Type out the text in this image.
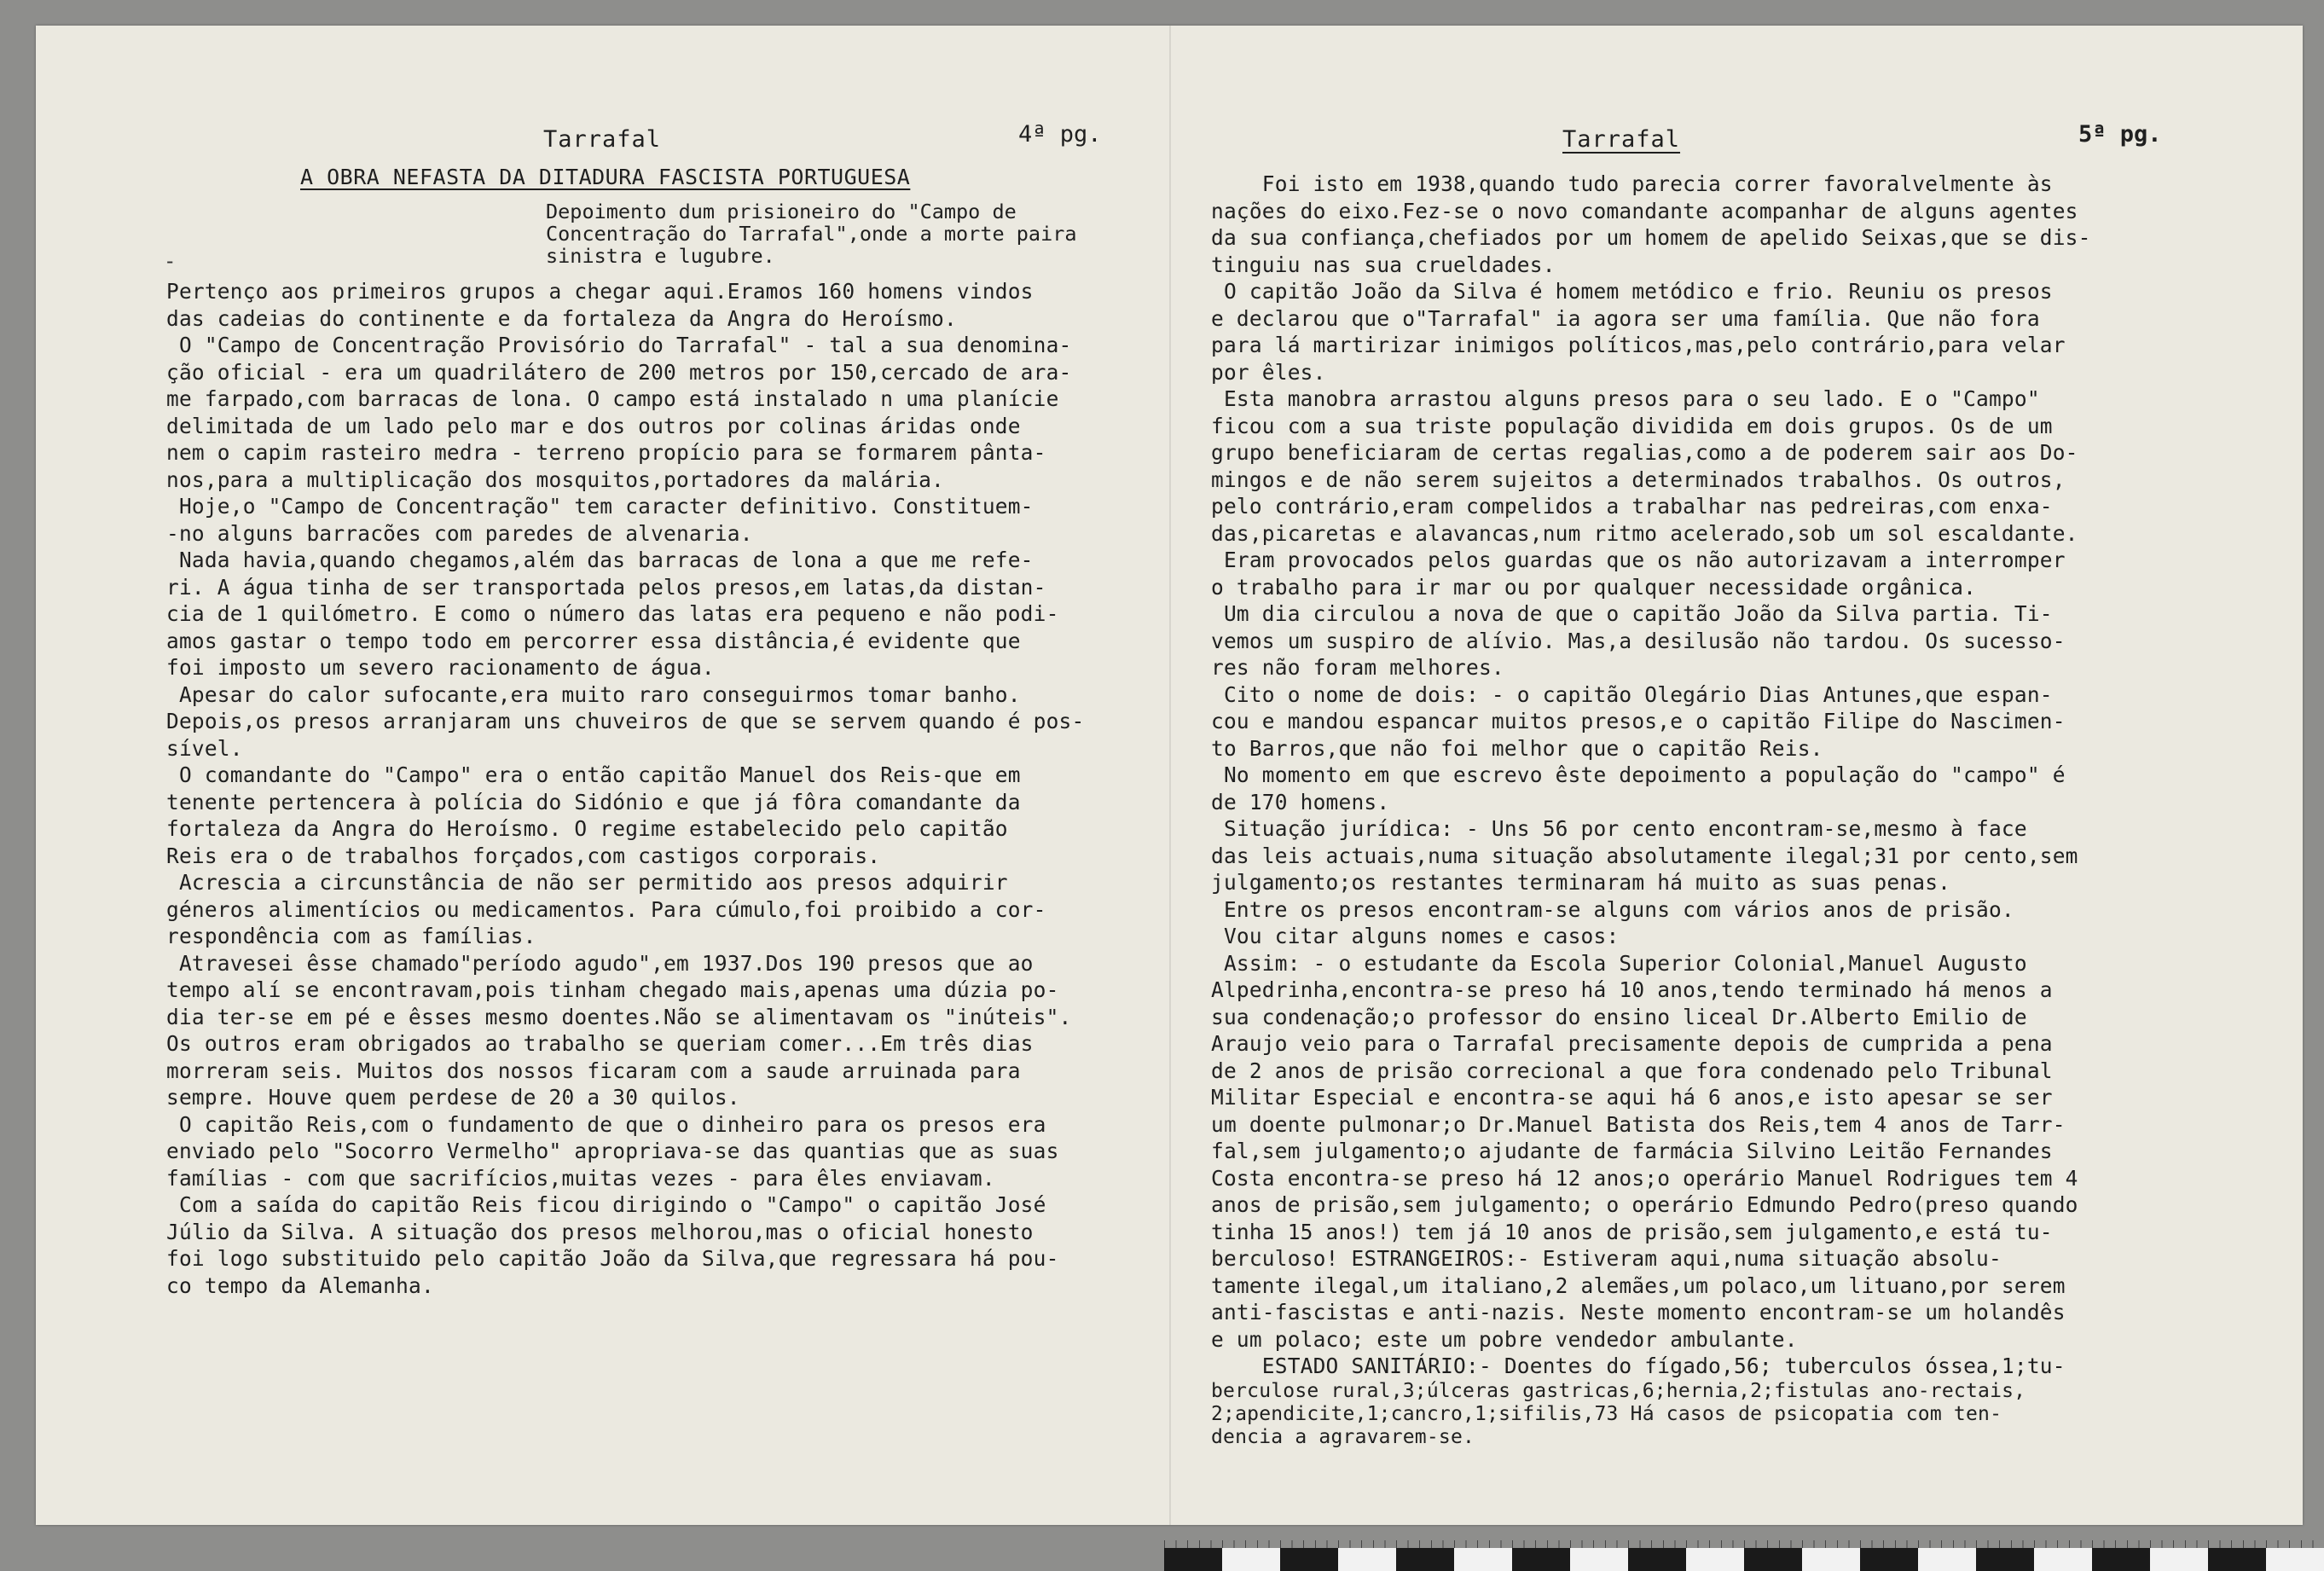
Tarrafal	4ª pg.
A OBRA NEFASTA DA DITADURA FASCISTA PORTUGUESA
Depoimento dum prisioneiro do "Campo de Concentração do Tarrafal",onde a morte paira sinistra e lugubre.
Pertenço aos primeiros grupos a chegar aqui.Eramos 160 homens vindos
das cadeias do continente e da fortaleza da Angra do Heroísmo.
O "Campo de Concentração Provisório do Tarrafal" - tal a sua denomina-
ção oficial - era um quadrilátero de 200 metros por 150,cercado de ara-
me farpado,com barracas de lona. O campo está instalado n uma planície
delimitada de um lado pelo mar e dos outros por colinas áridas onde
nem o capim rasteiro medra - terreno propício para se formarem pânta-
nos,para a multiplicação dos mosquitos,portadores da malária.
Hoje,o "Campo de Concentração" tem caracter definitivo. Constituem-
-no alguns barracões com paredes de alvenaria.
Nada havia,quando chegamos,além das barracas de lona a que me refe-
ri. A água tinha de ser transportada pelos presos,em latas,da distan-
cia de 1 quilómetro. E como o número das latas era pequeno e não podi-
amos gastar o tempo todo em percorrer essa distância,é evidente que
foi imposto um severo racionamento de água.
Apesar do calor sufocante,era muito raro conseguirmos tomar banho.
Depois,os presos arranjaram uns chuveiros de que se servem quando é pos-
sível.
O comandante do "Campo" era o então capitão Manuel dos Reis-que em
tenente pertencera à polícia do Sidónio e que já fôra comandante da
fortaleza da Angra do Heroísmo. O regime estabelecido pelo capitão
Reis era o de trabalhos forçados,com castigos corporais.
Acrescia a circunstância de não ser permitido aos presos adquirir
géneros alimentícios ou medicamentos. Para cúmulo,foi proibido a cor-
respondência com as famílias.
Atravesei êsse chamado"período agudo",em 1937.Dos 190 presos que ao
tempo alí se encontravam,pois tinham chegado mais,apenas uma dúzia po-
dia ter-se em pé e êsses mesmo doentes.Não se alimentavam os "inúteis".
Os outros eram obrigados ao trabalho se queriam comer...Em três dias
morreram seis. Muitos dos nossos ficaram com a saude arruinada para
sempre. Houve quem perdese de 20 a 30 quilos.
O capitão Reis,com o fundamento de que o dinheiro para os presos era
enviado pelo "Socorro Vermelho" apropriava-se das quantias que as suas
famílias - com que sacrifícios,muitas vezes - para êles enviavam.
Com a saída do capitão Reis ficou dirigindo o "Campo" o capitão José
Júlio da Silva. A situação dos presos melhorou,mas o oficial honesto
foi logo substituido pelo capitão João da Silva,que regressara há pou-
co tempo da Alemanha.
-
Tarrafal	5ª pg.
Foi isto em 1938,quando tudo parecia correr favoralvelmente às
nações do eixo.Fez-se o novo comandante acompanhar de alguns agentes
da sua confiança,chefiados por um homem de apelido Seixas,que se dis-
tinguiu nas sua crueldades.
O capitão João da Silva é homem metódico e frio. Reuniu os presos
e declarou que o"Tarrafal" ia agora ser uma família. Que não fora
para lá martirizar inimigos políticos,mas,pelo contrário,para velar
por êles.
Esta manobra arrastou alguns presos para o seu lado. E o "Campo"
ficou com a sua triste população dividida em dois grupos. Os de um
grupo beneficiaram de certas regalias,como a de poderem sair aos Do-
mingos e de não serem sujeitos a determinados trabalhos. Os outros,
pelo contrário,eram compelidos a trabalhar nas pedreiras,com enxa-
das,picaretas e alavancas,num ritmo acelerado,sob um sol escaldante.
Eram provocados pelos guardas que os não autorizavam a interromper
o trabalho para ir mar ou por qualquer necessidade orgânica.
Um dia circulou a nova de que o capitão João da Silva partia. Ti-
vemos um suspiro de alívio. Mas,a desilusão não tardou. Os sucesso-
res não foram melhores.
Cito o nome de dois: - o capitão Olegário Dias Antunes,que espan-
cou e mandou espancar muitos presos,e o capitão Filipe do Nascimen-
to Barros,que não foi melhor que o capitão Reis.
No momento em que escrevo êste depoimento a população do "campo" é
de 170 homens.
Situação jurídica: - Uns 56 por cento encontram-se,mesmo à face
das leis actuais,numa situação absolutamente ilegal;31 por cento,sem
julgamento;os restantes terminaram há muito as suas penas.
Entre os presos encontram-se alguns com vários anos de prisão.
Vou citar alguns nomes e casos:
Assim: - o estudante da Escola Superior Colonial,Manuel Augusto
Alpedrinha,encontra-se preso há 10 anos,tendo terminado há menos a
sua condenação;o professor do ensino liceal Dr.Alberto Emilio de
Araujo veio para o Tarrafal precisamente depois de cumprida a pena
de 2 anos de prisão correcional a que fora condenado pelo Tribunal
Militar Especial e encontra-se aqui há 6 anos,e isto apesar se ser
um doente pulmonar;o Dr.Manuel Batista dos Reis,tem 4 anos de Tarr-
fal,sem julgamento;o ajudante de farmácia Silvino Leitão Fernandes
Costa encontra-se preso há 12 anos;o operário Manuel Rodrigues tem 4
anos de prisão,sem julgamento; o operário Edmundo Pedro(preso quando
tinha 15 anos!) tem já 10 anos de prisão,sem julgamento,e está tu-
berculoso! ESTRANGEIROS:- Estiveram aqui,numa situação absolu-
tamente ilegal,um italiano,2 alemães,um polaco,um lituano,por serem
anti-fascistas e anti-nazis. Neste momento encontram-se um holandês
e um polaco; este um pobre vendedor ambulante.
ESTADO SANITÁRIO:- Doentes do fígado,56; tuberculos óssea,1;tu-
berculose rural,3;úlceras gastricas,6;hernia,2;fistulas ano-rectais,
2;apendicite,1;cancro,1;sifilis,73 Há casos de psicopatia com ten-
dencia a agravarem-se.
